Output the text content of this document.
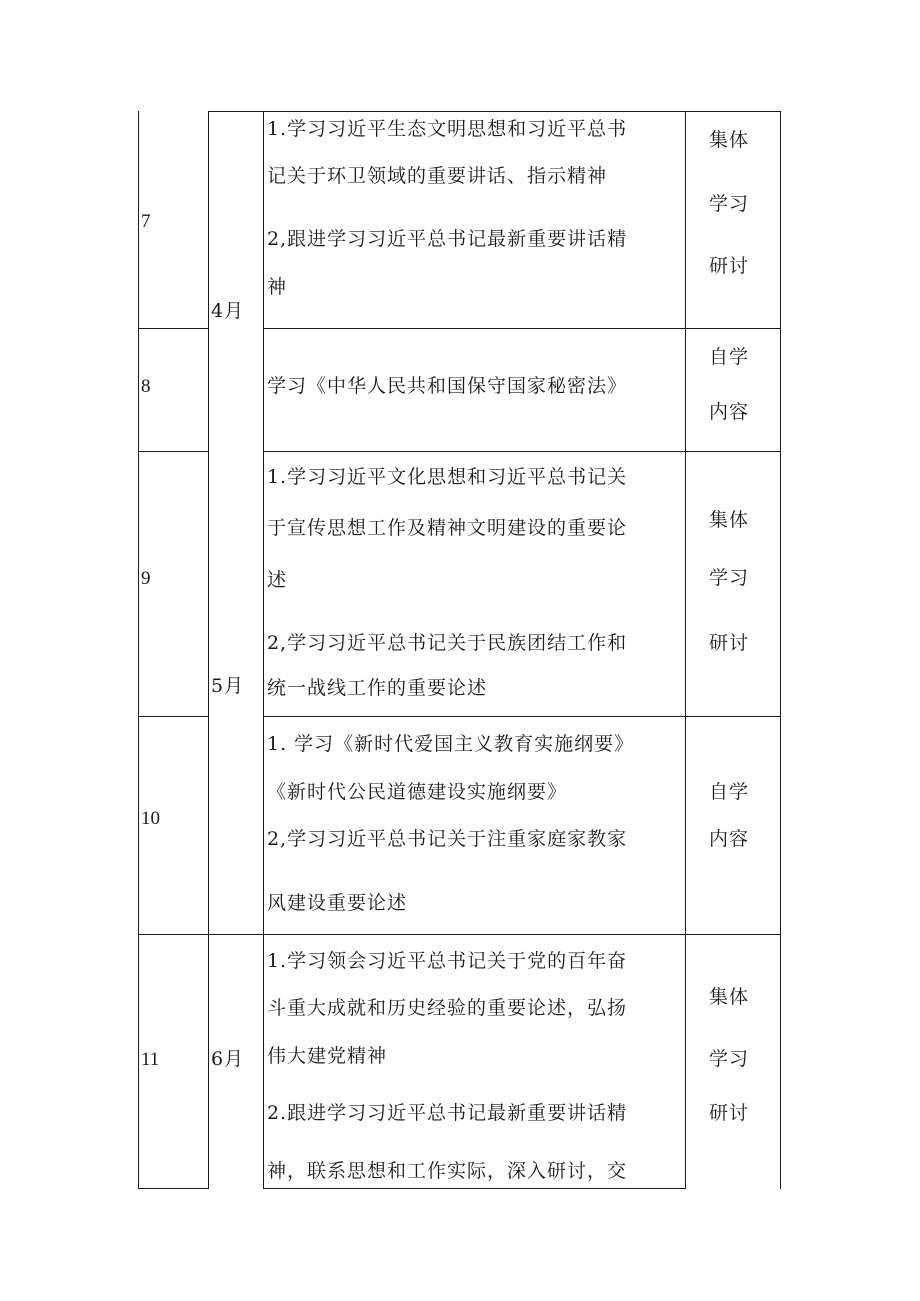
4月
5月
6月
7
1.学习习近平生态文明思想和习近平总书
记关于环卫领域的重要讲话、指示精神
2,跟进学习习近平总书记最新重要讲话精
神
集体
学习
研讨
8	学习《中华人民共和国保守国家秘密法》
自学
内容
9
1.学习习近平文化思想和习近平总书记关
于宣传思想工作及精神文明建设的重要论
述
2,学习习近平总书记关于民族团结工作和
统一战线工作的重要论述
集体
学习
研讨
10
1. 学习《新时代爱国主义教育实施纲要》
《新时代公民道德建设实施纲要》
2,学习习近平总书记关于注重家庭家教家
风建设重要论述
自学
内容
11
1.学习领会习近平总书记关于党的百年奋
斗重大成就和历史经验的重要论述，弘扬
伟大建党精神
2.跟进学习习近平总书记最新重要讲话精
神，联系思想和工作实际，深入研讨，交
集体
学习
研讨
